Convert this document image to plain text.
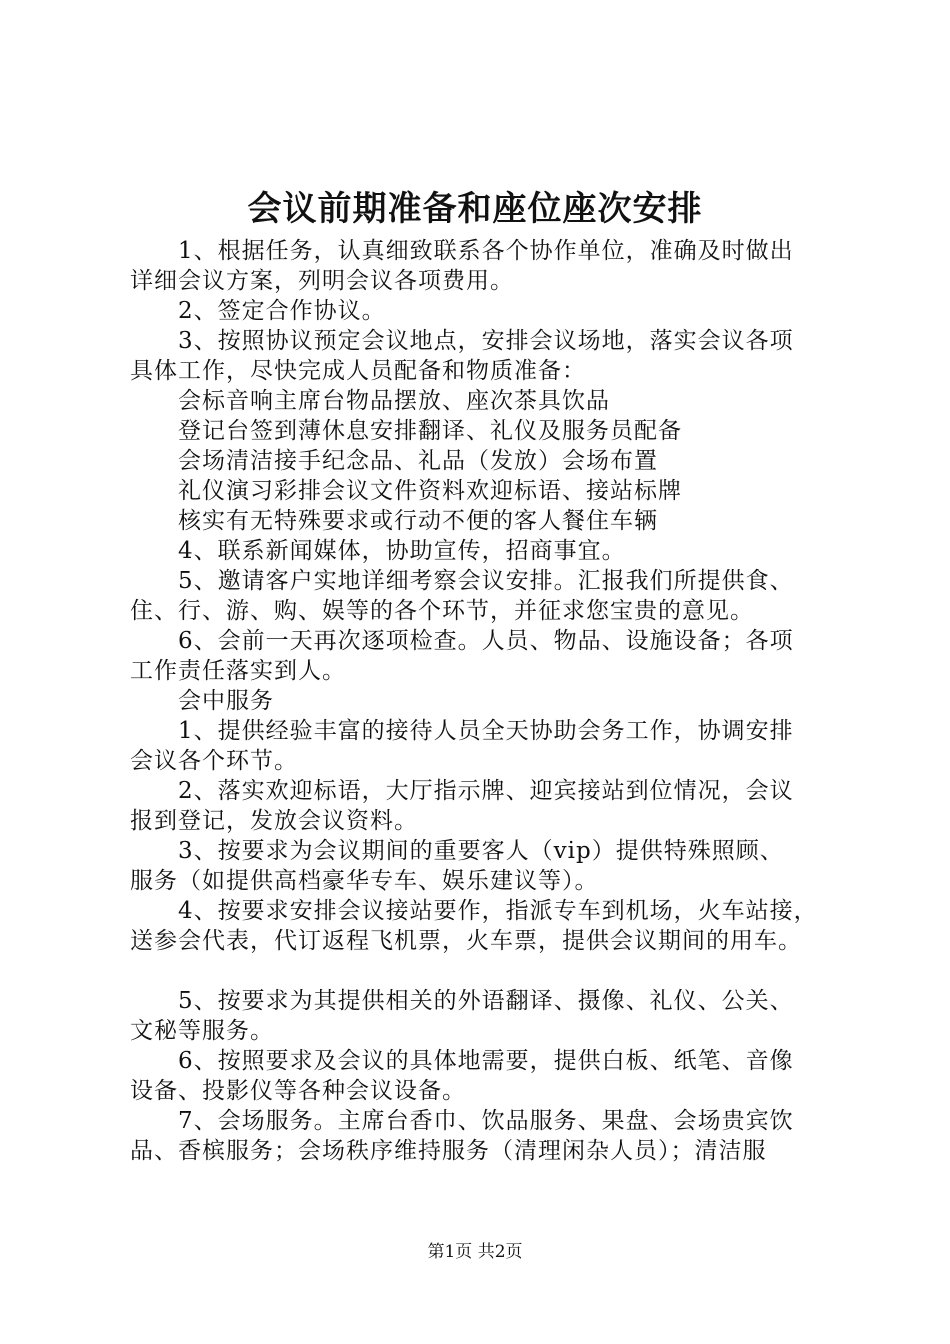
会议前期准备和座位座次安排
1、根据任务，认真细致联系各个协作单位，准确及时做出
详细会议方案，列明会议各项费用。
2、签定合作协议。
3、按照协议预定会议地点，安排会议场地，落实会议各项
具体工作，尽快完成人员配备和物质准备：
会标音响主席台物品摆放、座次茶具饮品
登记台签到薄休息安排翻译、礼仪及服务员配备
会场清洁接手纪念品、礼品（发放）会场布置
礼仪演习彩排会议文件资料欢迎标语、接站标牌
核实有无特殊要求或行动不便的客人餐住车辆
4、联系新闻媒体，协助宣传，招商事宜。
5、邀请客户实地详细考察会议安排。汇报我们所提供食、
住、行、游、购、娱等的各个环节，并征求您宝贵的意见。
6、会前一天再次逐项检查。人员、物品、设施设备；各项
工作责任落实到人。
会中服务
1、提供经验丰富的接待人员全天协助会务工作，协调安排
会议各个环节。
2、落实欢迎标语，大厅指示牌、迎宾接站到位情况，会议
报到登记，发放会议资料。
3、按要求为会议期间的重要客人（vip）提供特殊照顾、
服务（如提供高档豪华专车、娱乐建议等）。
4、按要求安排会议接站要作，指派专车到机场，火车站接，
送参会代表，代订返程飞机票，火车票，提供会议期间的用车。
5、按要求为其提供相关的外语翻译、摄像、礼仪、公关、
文秘等服务。
6、按照要求及会议的具体地需要，提供白板、纸笔、音像
设备、投影仪等各种会议设备。
7、会场服务。主席台香巾、饮品服务、果盘、会场贵宾饮
品、香槟服务；会场秩序维持服务（清理闲杂人员）；清洁服
第1页 共2页
